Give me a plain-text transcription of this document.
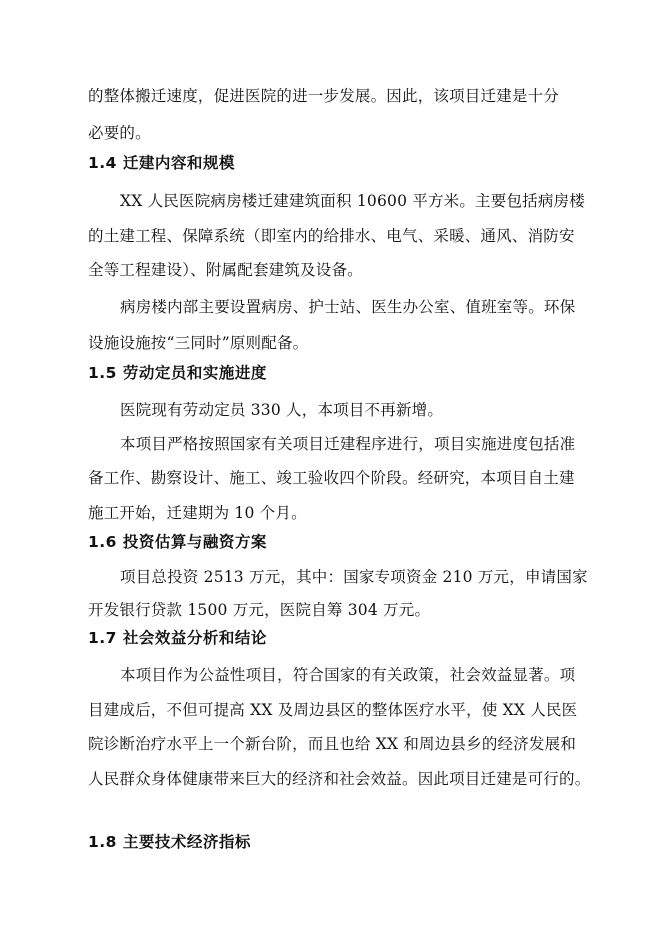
的整体搬迁速度，促进医院的进一步发展。因此，该项目迁建是十分
必要的。
1.4 迁建内容和规模
XX 人民医院病房楼迁建建筑面积 10600 平方米。主要包括病房楼
的土建工程、保障系统（即室内的给排水、电气、采暖、通风、消防安
全等工程建设）、附属配套建筑及设备。
病房楼内部主要设置病房、护士站、医生办公室、值班室等。环保
设施设施按“三同时”原则配备。
1.5 劳动定员和实施进度
医院现有劳动定员 330 人，本项目不再新增。
本项目严格按照国家有关项目迁建程序进行，项目实施进度包括准
备工作、勘察设计、施工、竣工验收四个阶段。经研究，本项目自土建
施工开始，迁建期为 10 个月。
1.6 投资估算与融资方案
项目总投资 2513 万元，其中：国家专项资金 210 万元，申请国家
开发银行贷款 1500 万元，医院自筹 304 万元。
1.7 社会效益分析和结论
本项目作为公益性项目，符合国家的有关政策，社会效益显著。项
目建成后，不但可提高 XX 及周边县区的整体医疗水平，使 XX 人民医
院诊断治疗水平上一个新台阶，而且也给 XX 和周边县乡的经济发展和
人民群众身体健康带来巨大的经济和社会效益。因此项目迁建是可行的。
1.8 主要技术经济指标
